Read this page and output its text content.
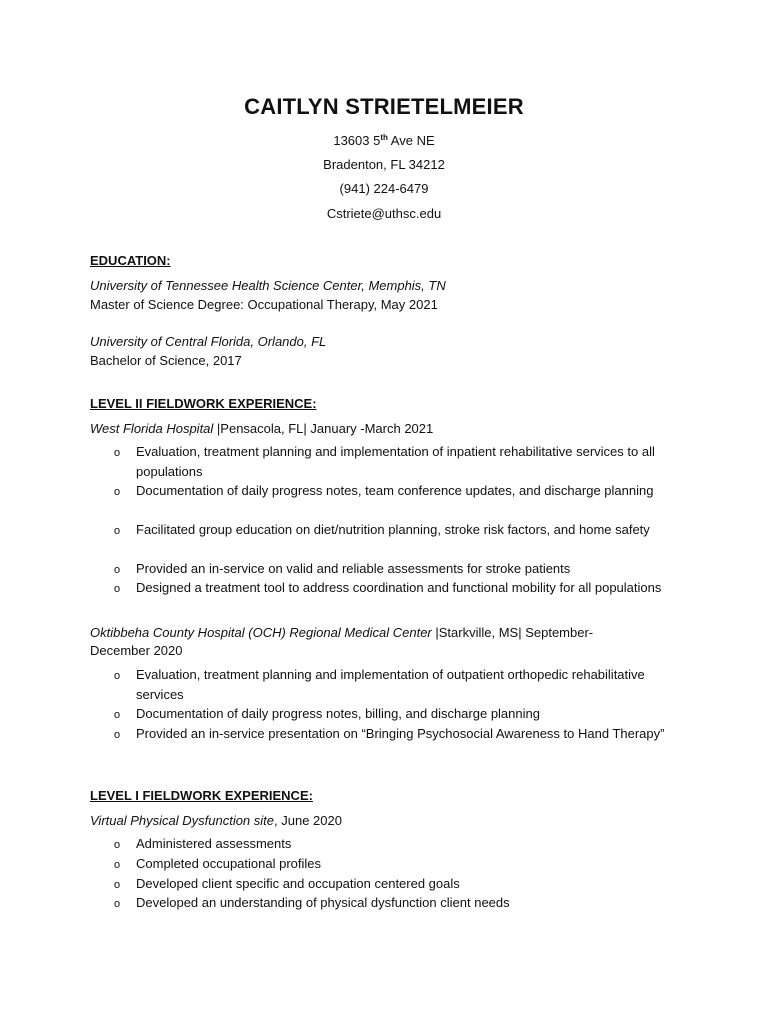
CAITLYN STRIETELMEIER
13603 5th Ave NE
Bradenton, FL 34212
(941) 224-6479
Cstriete@uthsc.edu
EDUCATION:
University of Tennessee Health Science Center, Memphis, TN
Master of Science Degree: Occupational Therapy, May 2021
University of Central Florida, Orlando, FL
Bachelor of Science, 2017
LEVEL II FIELDWORK EXPERIENCE:
West Florida Hospital |Pensacola, FL| January -March 2021
o Evaluation, treatment planning and implementation of inpatient rehabilitative services to all populations
o Documentation of daily progress notes, team conference updates, and discharge planning
o Facilitated group education on diet/nutrition planning, stroke risk factors, and home safety
o Provided an in-service on valid and reliable assessments for stroke patients
o Designed a treatment tool to address coordination and functional mobility for all populations
Oktibbeha County Hospital (OCH) Regional Medical Center |Starkville, MS| September-
December 2020
o Evaluation, treatment planning and implementation of outpatient orthopedic rehabilitative services
o Documentation of daily progress notes, billing, and discharge planning
o Provided an in-service presentation on “Bringing Psychosocial Awareness to Hand Therapy”
LEVEL I FIELDWORK EXPERIENCE:
Virtual Physical Dysfunction site, June 2020
o Administered assessments
o Completed occupational profiles
o Developed client specific and occupation centered goals
o Developed an understanding of physical dysfunction client needs
